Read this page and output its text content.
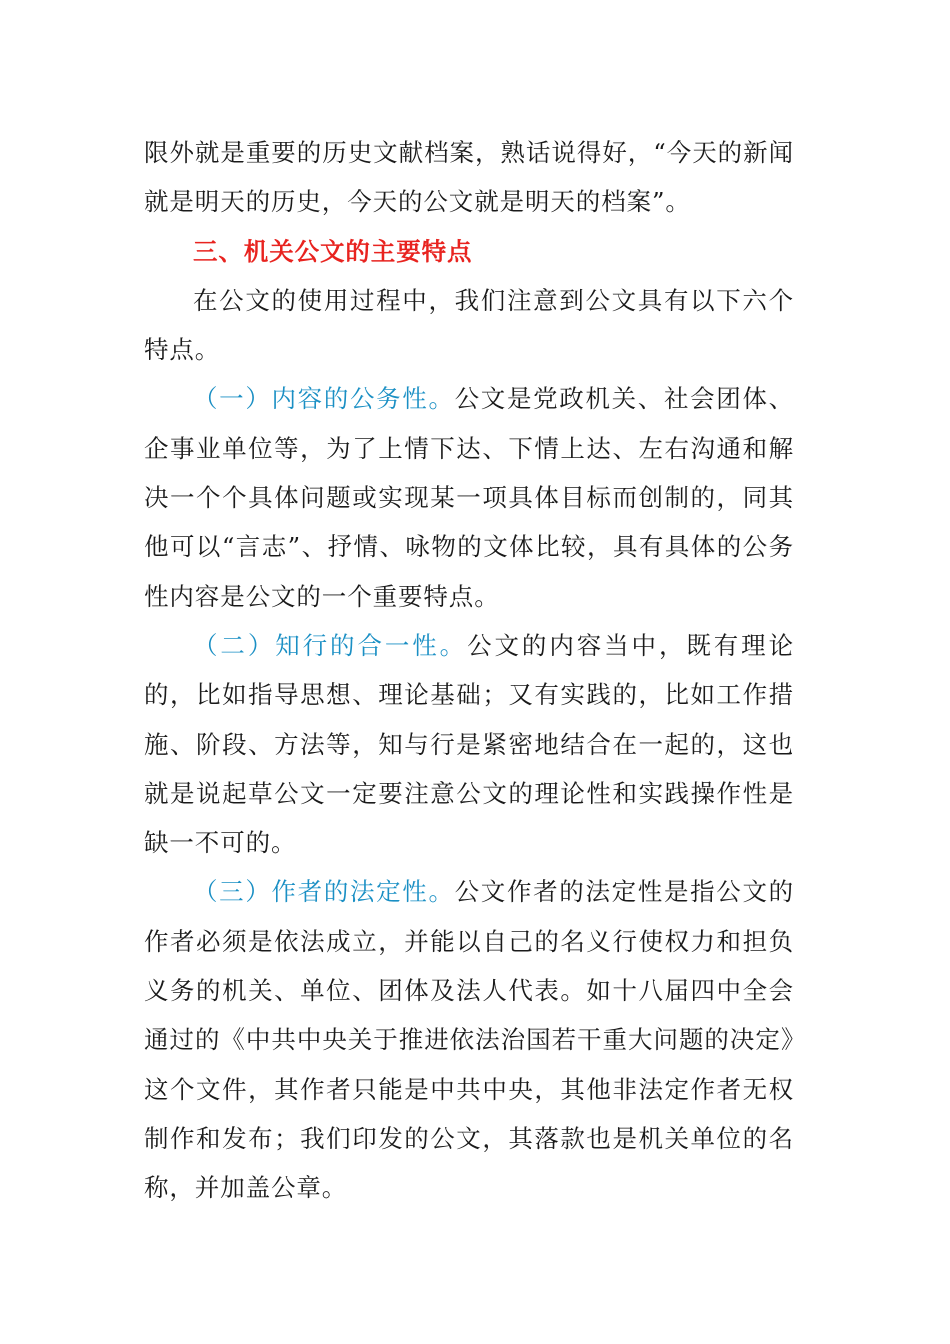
限外就是重要的历史文献档案，熟话说得好，“今天的新闻就是明天的历史，今天的公文就是明天的档案”。

三、机关公文的主要特点

在公文的使用过程中，我们注意到公文具有以下六个特点。

（一）内容的公务性。公文是党政机关、社会团体、企事业单位等，为了上情下达、下情上达、左右沟通和解决一个个具体问题或实现某一项具体目标而创制的，同其他可以“言志”、抒情、咏物的文体比较，具有具体的公务性内容是公文的一个重要特点。

（二）知行的合一性。公文的内容当中，既有理论的，比如指导思想、理论基础；又有实践的，比如工作措施、阶段、方法等，知与行是紧密地结合在一起的，这也就是说起草公文一定要注意公文的理论性和实践操作性是缺一不可的。

（三）作者的法定性。公文作者的法定性是指公文的作者必须是依法成立，并能以自己的名义行使权力和担负义务的机关、单位、团体及法人代表。如十八届四中全会通过的《中共中央关于推进依法治国若干重大问题的决定》这个文件，其作者只能是中共中央，其他非法定作者无权制作和发布；我们印发的公文，其落款也是机关单位的名称，并加盖公章。
